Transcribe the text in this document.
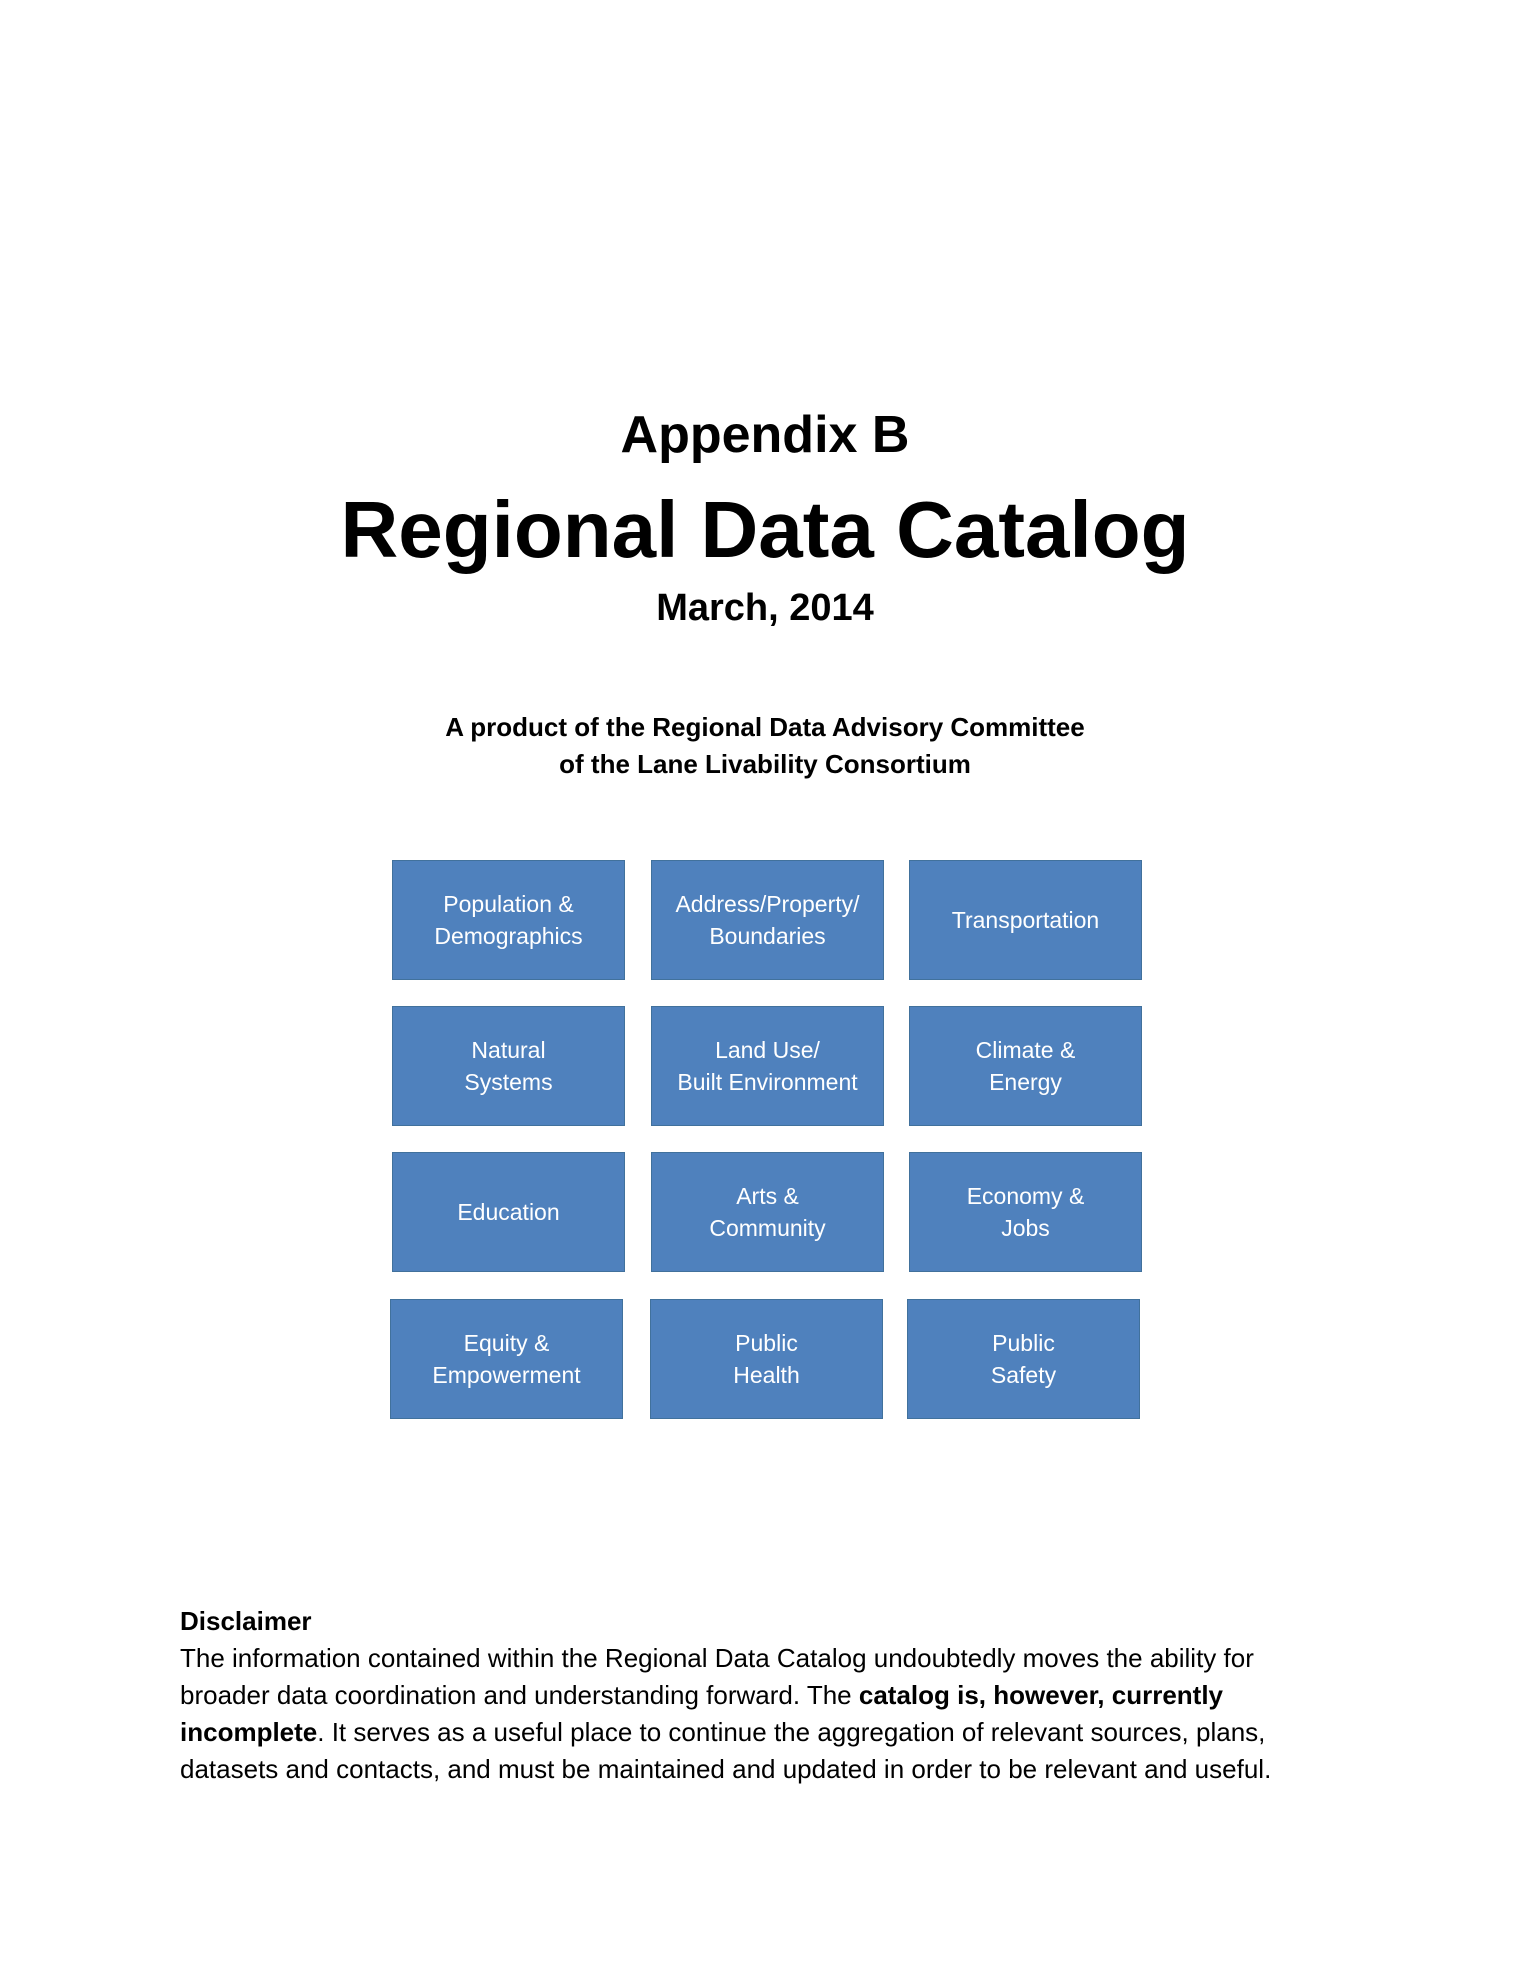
Appendix B
Regional Data Catalog
March, 2014
A product of the Regional Data Advisory Committee
of the Lane Livability Consortium
Population &
Demographics
Address/Property/
Boundaries
Transportation
Natural
Systems
Land Use/
Built Environment
Climate &
Energy
Education
Arts &
Community
Economy &
Jobs
Equity &
Empowerment
Public
Health
Public
Safety
Disclaimer
The information contained within the Regional Data Catalog undoubtedly moves the ability for
broader data coordination and understanding forward. The catalog is, however, currently
incomplete. It serves as a useful place to continue the aggregation of relevant sources, plans,
datasets and contacts, and must be maintained and updated in order to be relevant and useful.
